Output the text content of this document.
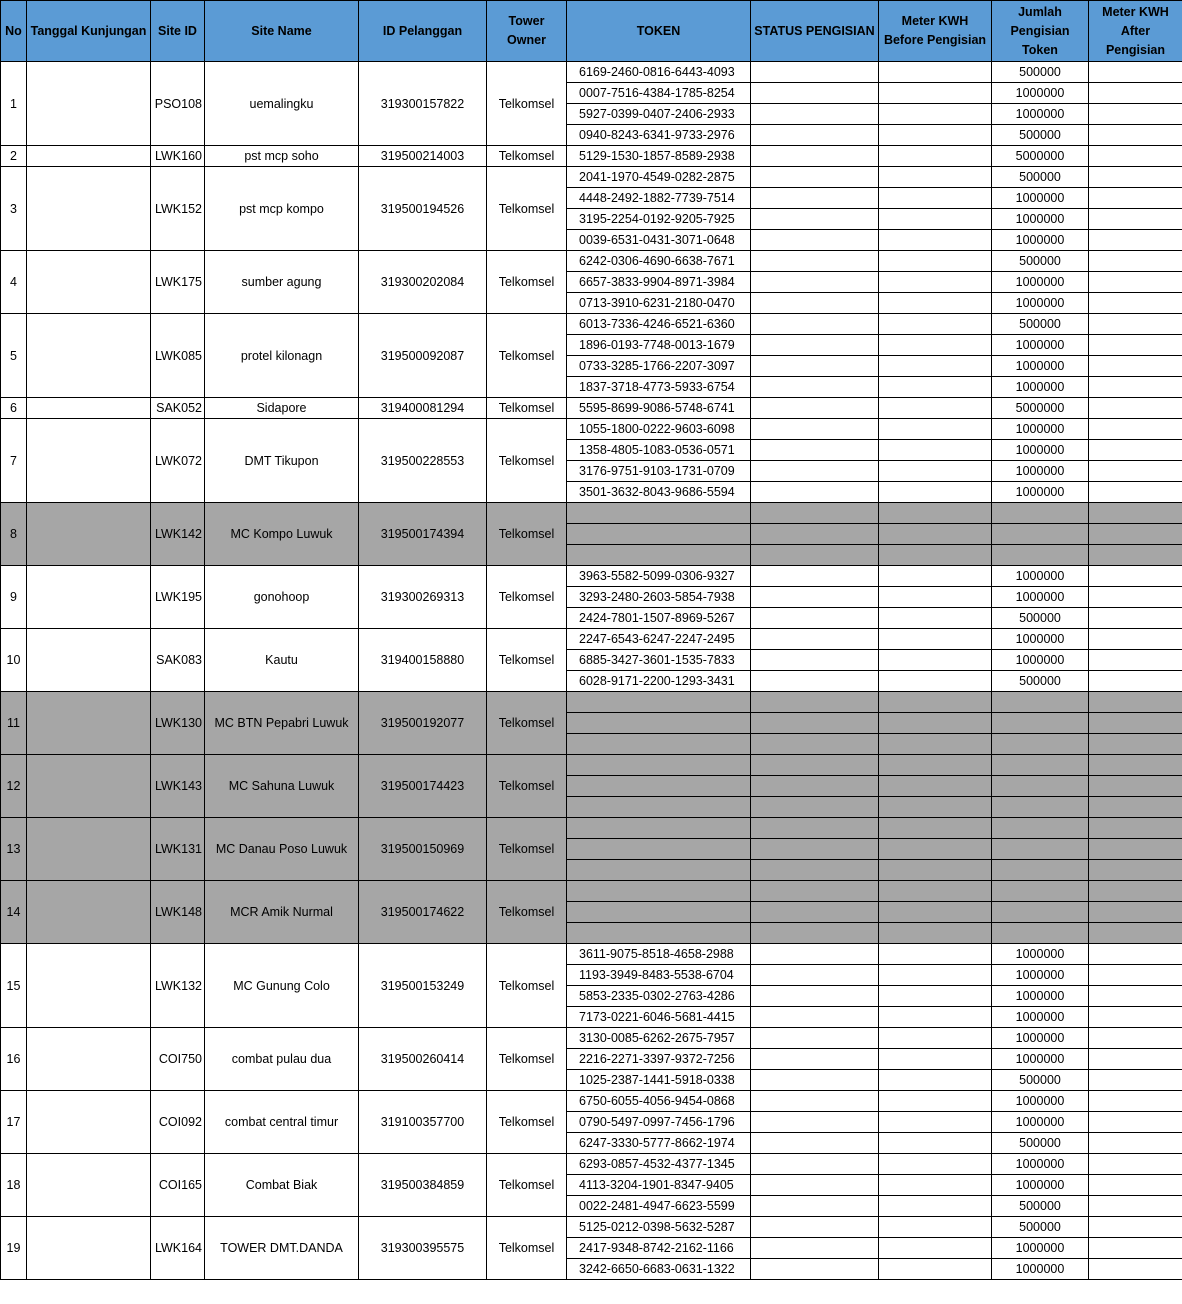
No	Tanggal Kunjungan	Site ID	Site Name	ID Pelanggan	Tower Owner	TOKEN	STATUS PENGISIAN	Meter KWH Before Pengisian	Jumlah Pengisian Token	Meter KWH After Pengisian
1		PSO108	uemalingku	319300157822	Telkomsel	6169-2460-0816-6443-4093			500000	
						0007-7516-4384-1785-8254			1000000	
						5927-0399-0407-2406-2933			1000000	
						0940-8243-6341-9733-2976			500000	
2		LWK160	pst mcp soho	319500214003	Telkomsel	5129-1530-1857-8589-2938			5000000	
3		LWK152	pst mcp kompo	319500194526	Telkomsel	2041-1970-4549-0282-2875			500000	
						4448-2492-1882-7739-7514			1000000	
						3195-2254-0192-9205-7925			1000000	
						0039-6531-0431-3071-0648			1000000	
4		LWK175	sumber agung	319300202084	Telkomsel	6242-0306-4690-6638-7671			500000	
						6657-3833-9904-8971-3984			1000000	
						0713-3910-6231-2180-0470			1000000	
5		LWK085	protel kilonagn	319500092087	Telkomsel	6013-7336-4246-6521-6360			500000	
						1896-0193-7748-0013-1679			1000000	
						0733-3285-1766-2207-3097			1000000	
						1837-3718-4773-5933-6754			1000000	
6		SAK052	Sidapore	319400081294	Telkomsel	5595-8699-9086-5748-6741			5000000	
7		LWK072	DMT Tikupon	319500228553	Telkomsel	1055-1800-0222-9603-6098			1000000	
						1358-4805-1083-0536-0571			1000000	
						3176-9751-9103-1731-0709			1000000	
						3501-3632-8043-9686-5594			1000000	
8		LWK142	MC Kompo Luwuk	319500174394	Telkomsel					

9		LWK195	gonohoop	319300269313	Telkomsel	3963-5582-5099-0306-9327			1000000	
						3293-2480-2603-5854-7938			1000000	
						2424-7801-1507-8969-5267			500000	
10		SAK083	Kautu	319400158880	Telkomsel	2247-6543-6247-2247-2495			1000000	
						6885-3427-3601-1535-7833			1000000	
						6028-9171-2200-1293-3431			500000	
11		LWK130	MC BTN Pepabri Luwuk	319500192077	Telkomsel					

12		LWK143	MC Sahuna Luwuk	319500174423	Telkomsel					

13		LWK131	MC Danau Poso Luwuk	319500150969	Telkomsel					

14		LWK148	MCR Amik Nurmal	319500174622	Telkomsel					

15		LWK132	MC Gunung Colo	319500153249	Telkomsel	3611-9075-8518-4658-2988			1000000	
						1193-3949-8483-5538-6704			1000000	
						5853-2335-0302-2763-4286			1000000	
						7173-0221-6046-5681-4415			1000000	
16		COI750	combat pulau dua	319500260414	Telkomsel	3130-0085-6262-2675-7957			1000000	
						2216-2271-3397-9372-7256			1000000	
						1025-2387-1441-5918-0338			500000	
17		COI092	combat central timur	319100357700	Telkomsel	6750-6055-4056-9454-0868			1000000	
						0790-5497-0997-7456-1796			1000000	
						6247-3330-5777-8662-1974			500000	
18		COI165	Combat Biak	319500384859	Telkomsel	6293-0857-4532-4377-1345			1000000	
						4113-3204-1901-8347-9405			1000000	
						0022-2481-4947-6623-5599			500000	
19		LWK164	TOWER DMT.DANDA	319300395575	Telkomsel	5125-0212-0398-5632-5287			500000	
						2417-9348-8742-2162-1166			1000000	
						3242-6650-6683-0631-1322			1000000	
